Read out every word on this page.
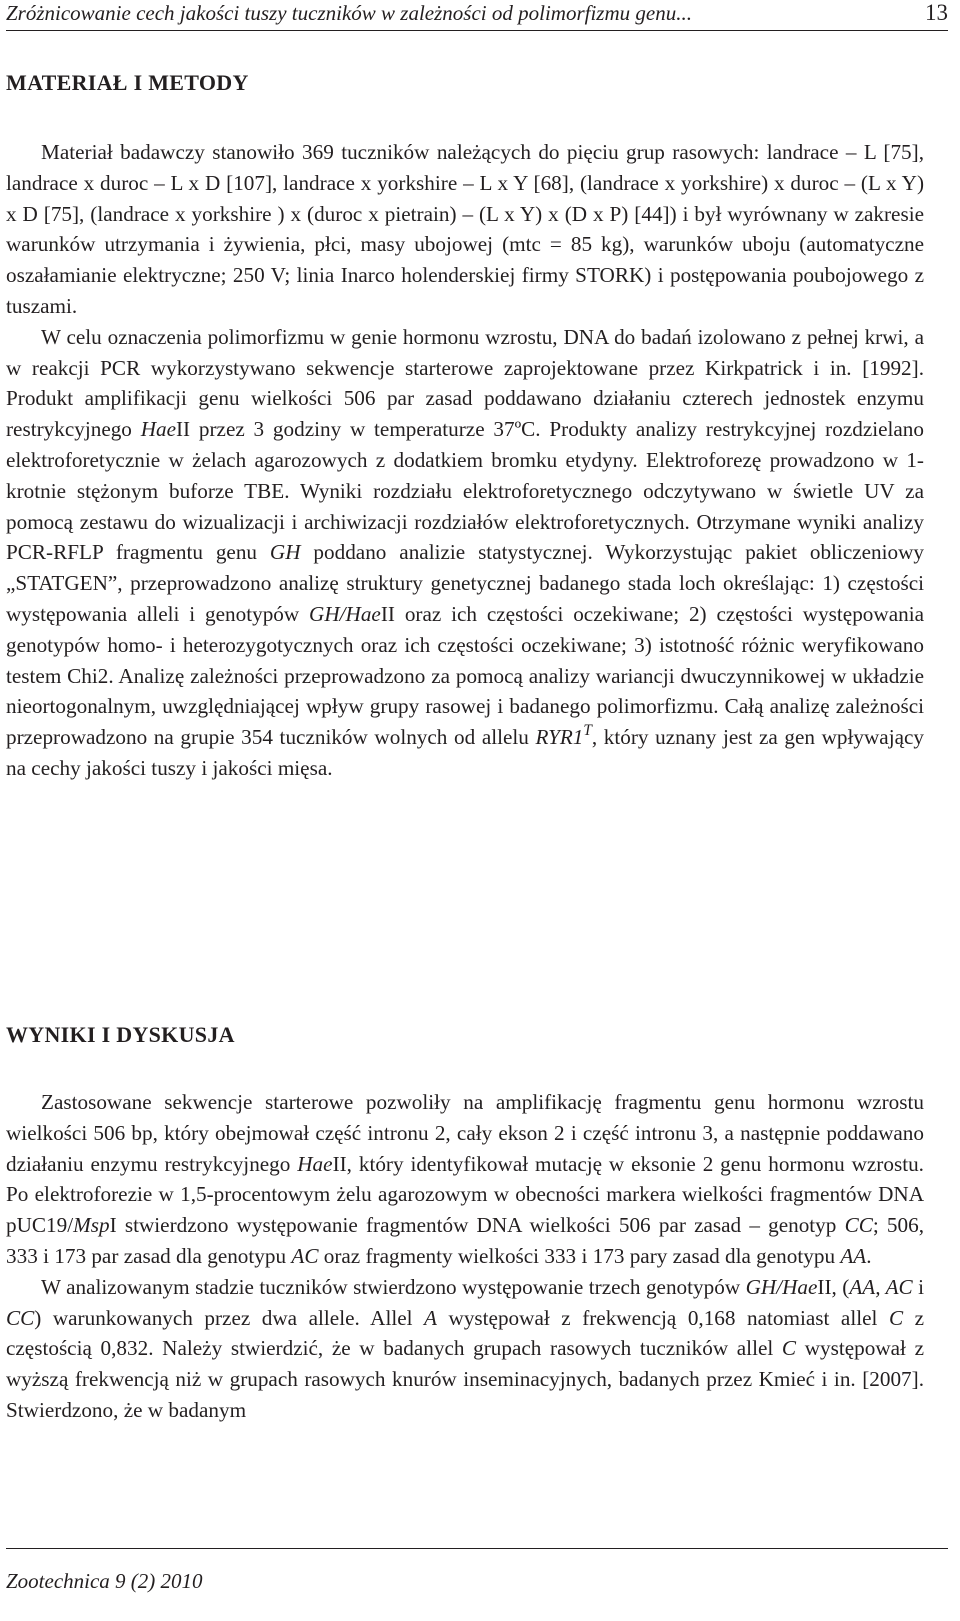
Zróżnicowanie cech jakości tuszy tuczników w zależności od polimorfizmu genu...	13
MATERIAŁ I METODY

Materiał badawczy stanowiło 369 tuczników należących do pięciu grup rasowych: landrace – L [75], landrace x duroc – L x D [107], landrace x yorkshire – L x Y [68], (landrace x yorkshire) x duroc – (L x Y) x D [75], (landrace x yorkshire ) x (duroc x pietrain) – (L x Y) x (D x P) [44]) i był wyrównany w zakresie warunków utrzymania i żywienia, płci, masy ubojowej (mtc = 85 kg), warunków uboju (automatyczne oszałamianie elektryczne; 250 V; linia Inarco holenderskiej firmy STORK) i postępowania poubojowego z tuszami.

W celu oznaczenia polimorfizmu w genie hormonu wzrostu, DNA do badań izolowano z pełnej krwi, a w reakcji PCR wykorzystywano sekwencje starterowe zaprojektowane przez Kirkpatrick i in. [1992]. Produkt amplifikacji genu wielkości 506 par zasad poddawano działaniu czterech jednostek enzymu restrykcyjnego HaeII przez 3 godziny w temperaturze 37ºC. Produkty analizy restrykcyjnej rozdzielano elektroforetycznie w żelach agarozowych z dodatkiem bromku etydyny. Elektroforezę prowadzono w 1-krotnie stężonym buforze TBE. Wyniki rozdziału elektroforetycznego odczytywano w świetle UV za pomocą zestawu do wizualizacji i archiwizacji rozdziałów elektroforetycznych. Otrzymane wyniki analizy PCR-RFLP fragmentu genu GH poddano analizie statystycznej. Wykorzystując pakiet obliczeniowy „STATGEN”, przeprowadzono analizę struktury genetycznej badanego stada loch określając: 1) częstości występowania alleli i genotypów GH/HaeII oraz ich częstości oczekiwane; 2) częstości występowania genotypów homo- i heterozygotycznych oraz ich częstości oczekiwane; 3) istotność różnic weryfikowano testem Chi2. Analizę zależności przeprowadzono za pomocą analizy wariancji dwuczynnikowej w układzie nieortogonalnym, uwzględniającej wpływ grupy rasowej i badanego polimorfizmu. Całą analizę zależności przeprowadzono na grupie 354 tuczników wolnych od allelu $RYR1^T$, który uznany jest za gen wpływający na cechy jakości tuszy i jakości mięsa.

WYNIKI I DYSKUSJA

Zastosowane sekwencje starterowe pozwoliły na amplifikację fragmentu genu hormonu wzrostu wielkości 506 bp, który obejmował część intronu 2, cały ekson 2 i część intronu 3, a następnie poddawano działaniu enzymu restrykcyjnego HaeII, który identyfikował mutację w eksonie 2 genu hormonu wzrostu. Po elektroforezie w 1,5-procentowym żelu agarozowym w obecności markera wielkości fragmentów DNA pUC19/MspI stwierdzono występowanie fragmentów DNA wielkości 506 par zasad – genotyp CC; 506, 333 i 173 par zasad dla genotypu AC oraz fragmenty wielkości 333 i 173 pary zasad dla genotypu AA.

W analizowanym stadzie tuczników stwierdzono występowanie trzech genotypów GH/HaeII, (AA, AC i CC) warunkowanych przez dwa allele. Allel A występował z frekwencją 0,168 natomiast allel C z częstością 0,832. Należy stwierdzić, że w badanych grupach rasowych tuczników allel C występował z wyższą frekwencją niż w grupach rasowych knurów inseminacyjnych, badanych przez Kmieć i in. [2007]. Stwierdzono, że w badanym

Zootechnica 9 (2) 2010
